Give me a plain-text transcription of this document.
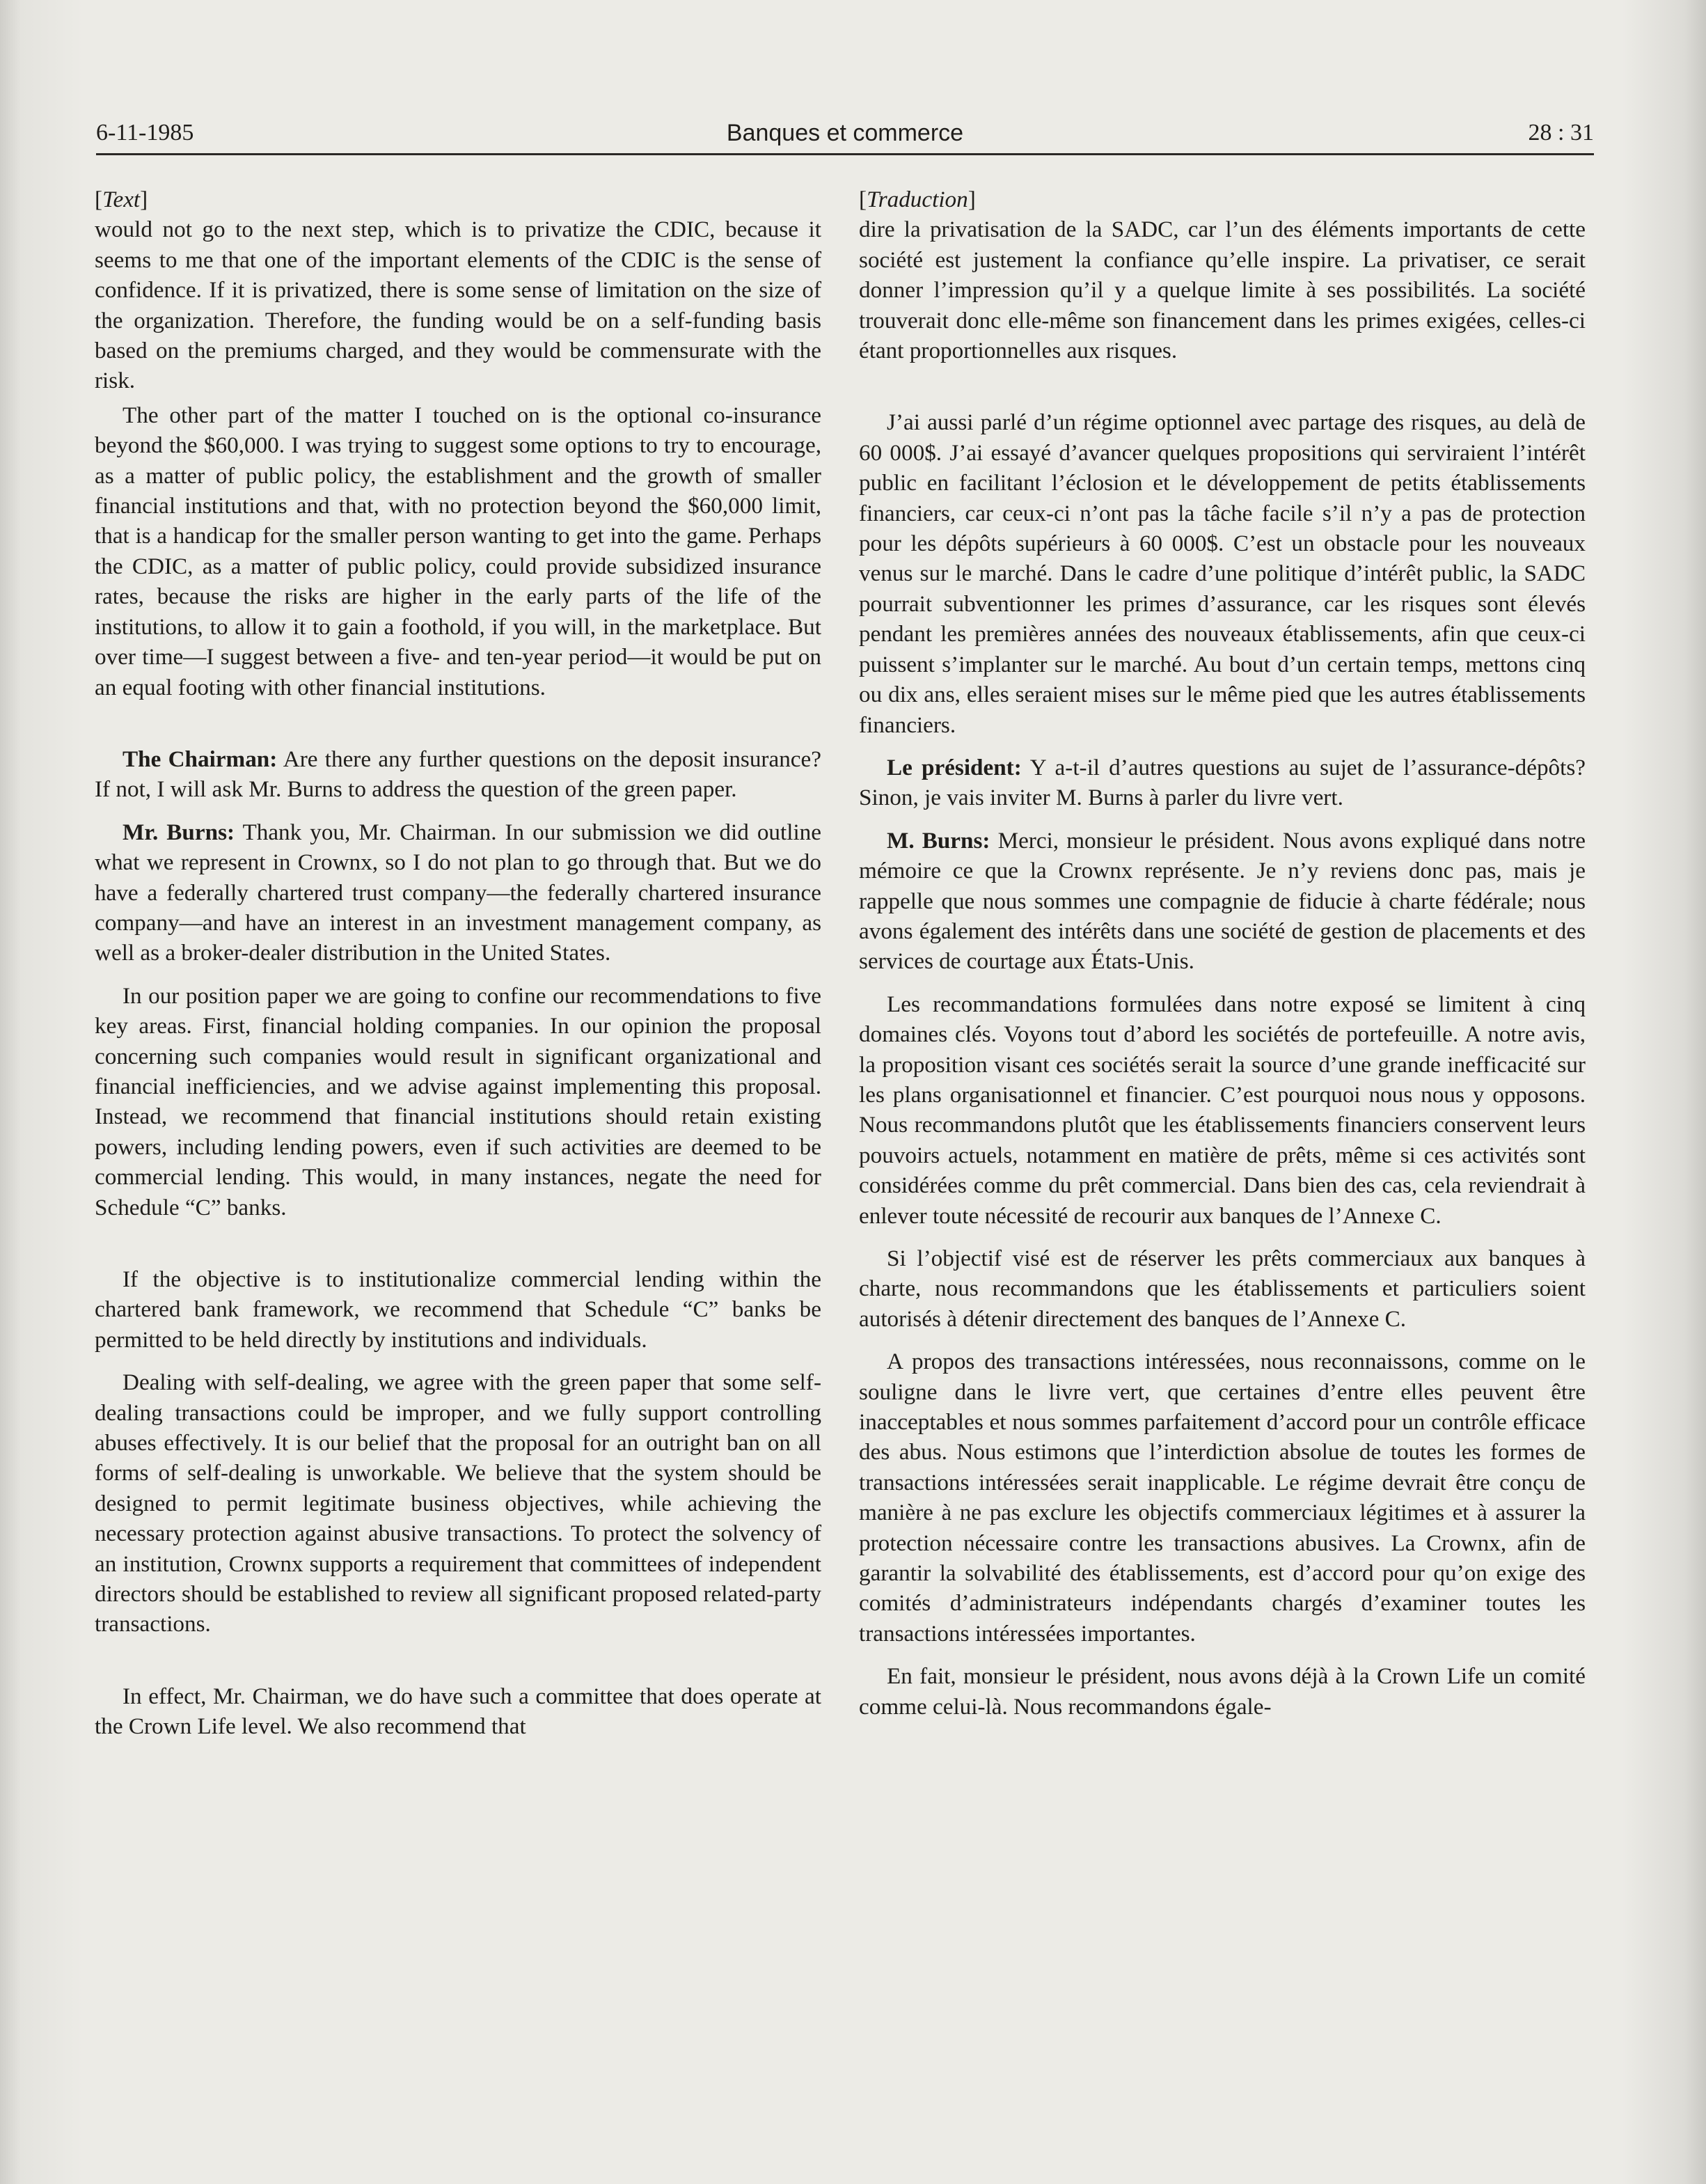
6-11-1985	Banques et commerce	28 : 31
[Text]

would not go to the next step, which is to privatize the CDIC, because it seems to me that one of the important elements of the CDIC is the sense of confidence. If it is privatized, there is some sense of limitation on the size of the organization. Therefore, the funding would be on a self-funding basis based on the premiums charged, and they would be commensurate with the risk.

The other part of the matter I touched on is the optional co-insurance beyond the $60,000. I was trying to suggest some options to try to encourage, as a matter of public policy, the establishment and the growth of smaller financial institutions and that, with no protection beyond the $60,000 limit, that is a handicap for the smaller person wanting to get into the game. Perhaps the CDIC, as a matter of public policy, could provide subsidized insurance rates, because the risks are higher in the early parts of the life of the institutions, to allow it to gain a foothold, if you will, in the marketplace. But over time—I suggest between a five- and ten-year period—it would be put on an equal footing with other financial institutions.

The Chairman: Are there any further questions on the deposit insurance? If not, I will ask Mr. Burns to address the question of the green paper.

Mr. Burns: Thank you, Mr. Chairman. In our submission we did outline what we represent in Crownx, so I do not plan to go through that. But we do have a federally chartered trust company—the federally chartered insurance company—and have an interest in an investment management company, as well as a broker-dealer distribution in the United States.

In our position paper we are going to confine our recommendations to five key areas. First, financial holding companies. In our opinion the proposal concerning such companies would result in significant organizational and financial inefficiencies, and we advise against implementing this proposal. Instead, we recommend that financial institutions should retain existing powers, including lending powers, even if such activities are deemed to be commercial lending. This would, in many instances, negate the need for Schedule “C” banks.

If the objective is to institutionalize commercial lending within the chartered bank framework, we recommend that Schedule “C” banks be permitted to be held directly by institutions and individuals.

Dealing with self-dealing, we agree with the green paper that some self-dealing transactions could be improper, and we fully support controlling abuses effectively. It is our belief that the proposal for an outright ban on all forms of self-dealing is unworkable. We believe that the system should be designed to permit legitimate business objectives, while achieving the necessary protection against abusive transactions. To protect the solvency of an institution, Crownx supports a requirement that committees of independent directors should be established to review all significant proposed related-party transactions.

In effect, Mr. Chairman, we do have such a committee that does operate at the Crown Life level. We also recommend that

[Traduction]

dire la privatisation de la SADC, car l’un des éléments importants de cette société est justement la confiance qu’elle inspire. La privatiser, ce serait donner l’impression qu’il y a quelque limite à ses possibilités. La société trouverait donc elle-même son financement dans les primes exigées, celles-ci étant proportionnelles aux risques.

J’ai aussi parlé d’un régime optionnel avec partage des risques, au delà de 60 000$. J’ai essayé d’avancer quelques propositions qui serviraient l’intérêt public en facilitant l’éclosion et le développement de petits établissements financiers, car ceux-ci n’ont pas la tâche facile s’il n’y a pas de protection pour les dépôts supérieurs à 60 000$. C’est un obstacle pour les nouveaux venus sur le marché. Dans le cadre d’une politique d’intérêt public, la SADC pourrait subventionner les primes d’assurance, car les risques sont élevés pendant les premières années des nouveaux établissements, afin que ceux-ci puissent s’implanter sur le marché. Au bout d’un certain temps, mettons cinq ou dix ans, elles seraient mises sur le même pied que les autres établissements financiers.

Le président: Y a-t-il d’autres questions au sujet de l’assurance-dépôts? Sinon, je vais inviter M. Burns à parler du livre vert.

M. Burns: Merci, monsieur le président. Nous avons expliqué dans notre mémoire ce que la Crownx représente. Je n’y reviens donc pas, mais je rappelle que nous sommes une compagnie de fiducie à charte fédérale; nous avons également des intérêts dans une société de gestion de placements et des services de courtage aux États-Unis.

Les recommandations formulées dans notre exposé se limitent à cinq domaines clés. Voyons tout d’abord les sociétés de portefeuille. A notre avis, la proposition visant ces sociétés serait la source d’une grande inefficacité sur les plans organisationnel et financier. C’est pourquoi nous nous y opposons. Nous recommandons plutôt que les établissements financiers conservent leurs pouvoirs actuels, notamment en matière de prêts, même si ces activités sont considérées comme du prêt commercial. Dans bien des cas, cela reviendrait à enlever toute nécessité de recourir aux banques de l’Annexe C.

Si l’objectif visé est de réserver les prêts commerciaux aux banques à charte, nous recommandons que les établissements et particuliers soient autorisés à détenir directement des banques de l’Annexe C.

A propos des transactions intéressées, nous reconnaissons, comme on le souligne dans le livre vert, que certaines d’entre elles peuvent être inacceptables et nous sommes parfaitement d’accord pour un contrôle efficace des abus. Nous estimons que l’interdiction absolue de toutes les formes de transactions intéressées serait inapplicable. Le régime devrait être conçu de manière à ne pas exclure les objectifs commerciaux légitimes et à assurer la protection nécessaire contre les transactions abusives. La Crownx, afin de garantir la solvabilité des établissements, est d’accord pour qu’on exige des comités d’administrateurs indépendants chargés d’examiner toutes les transactions intéressées importantes.

En fait, monsieur le président, nous avons déjà à la Crown Life un comité comme celui-là. Nous recommandons égale-
